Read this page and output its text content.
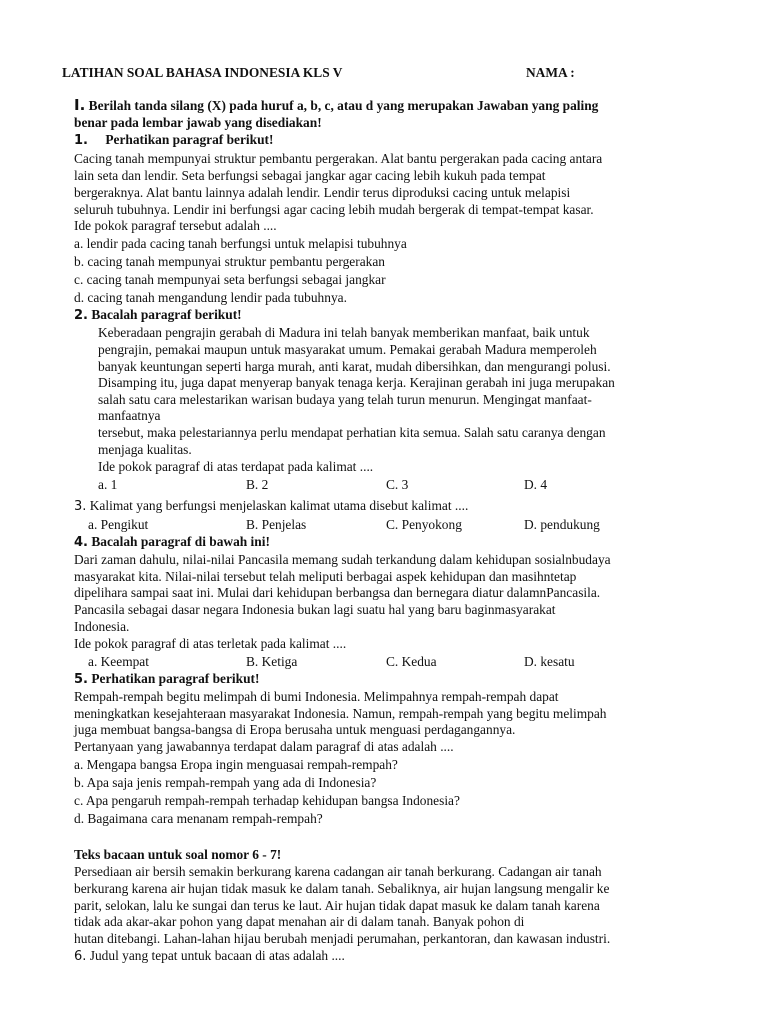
LATIHAN SOAL BAHASA INDONESIA KLS V	NAMA :
I. Berilah tanda silang (X) pada huruf a, b, c, atau d yang merupakan Jawaban yang paling
benar pada lembar jawab yang disediakan!
1. Perhatikan paragraf berikut!
Cacing tanah mempunyai struktur pembantu pergerakan. Alat bantu pergerakan pada cacing antara
lain seta dan lendir. Seta berfungsi sebagai jangkar agar cacing lebih kukuh pada tempat
bergeraknya. Alat bantu lainnya adalah lendir. Lendir terus diproduksi cacing untuk melapisi
seluruh tubuhnya. Lendir ini berfungsi agar cacing lebih mudah bergerak di tempat-tempat kasar.
Ide pokok paragraf tersebut adalah ....
a. lendir pada cacing tanah berfungsi untuk melapisi tubuhnya
b. cacing tanah mempunyai struktur pembantu pergerakan
c. cacing tanah mempunyai seta berfungsi sebagai jangkar
d. cacing tanah mengandung lendir pada tubuhnya.
2. Bacalah paragraf berikut!
Keberadaan pengrajin gerabah di Madura ini telah banyak memberikan manfaat, baik untuk
pengrajin, pemakai maupun untuk masyarakat umum. Pemakai gerabah Madura memperoleh
banyak keuntungan seperti harga murah, anti karat, mudah dibersihkan, dan mengurangi polusi.
Disamping itu, juga dapat menyerap banyak tenaga kerja. Kerajinan gerabah ini juga merupakan
salah satu cara melestarikan warisan budaya yang telah turun menurun. Mengingat manfaat-
manfaatnya
tersebut, maka pelestariannya perlu mendapat perhatian kita semua. Salah satu caranya dengan
menjaga kualitas.
Ide pokok paragraf di atas terdapat pada kalimat ....
a. 1	B. 2	C. 3	D. 4
3. Kalimat yang berfungsi menjelaskan kalimat utama disebut kalimat ....
a. Pengikut	B. Penjelas	C. Penyokong	D. pendukung
4. Bacalah paragraf di bawah ini!
Dari zaman dahulu, nilai-nilai Pancasila memang sudah terkandung dalam kehidupan sosialnbudaya
masyarakat kita. Nilai-nilai tersebut telah meliputi berbagai aspek kehidupan dan masihntetap
dipelihara sampai saat ini. Mulai dari kehidupan berbangsa dan bernegara diatur dalamnPancasila.
Pancasila sebagai dasar negara Indonesia bukan lagi suatu hal yang baru baginmasyarakat
Indonesia.
Ide pokok paragraf di atas terletak pada kalimat ....
a. Keempat	B. Ketiga	C. Kedua	D. kesatu
5. Perhatikan paragraf berikut!
Rempah-rempah begitu melimpah di bumi Indonesia. Melimpahnya rempah-rempah dapat
meningkatkan kesejahteraan masyarakat Indonesia. Namun, rempah-rempah yang begitu melimpah
juga membuat bangsa-bangsa di Eropa berusaha untuk menguasi perdagangannya.
Pertanyaan yang jawabannya terdapat dalam paragraf di atas adalah ....
a. Mengapa bangsa Eropa ingin menguasai rempah-rempah?
b. Apa saja jenis rempah-rempah yang ada di Indonesia?
c. Apa pengaruh rempah-rempah terhadap kehidupan bangsa Indonesia?
d. Bagaimana cara menanam rempah-rempah?
Teks bacaan untuk soal nomor 6 - 7!
Persediaan air bersih semakin berkurang karena cadangan air tanah berkurang. Cadangan air tanah
berkurang karena air hujan tidak masuk ke dalam tanah. Sebaliknya, air hujan langsung mengalir ke
parit, selokan, lalu ke sungai dan terus ke laut. Air hujan tidak dapat masuk ke dalam tanah karena
tidak ada akar-akar pohon yang dapat menahan air di dalam tanah. Banyak pohon di
hutan ditebangi. Lahan-lahan hijau berubah menjadi perumahan, perkantoran, dan kawasan industri.
6. Judul yang tepat untuk bacaan di atas adalah ....
